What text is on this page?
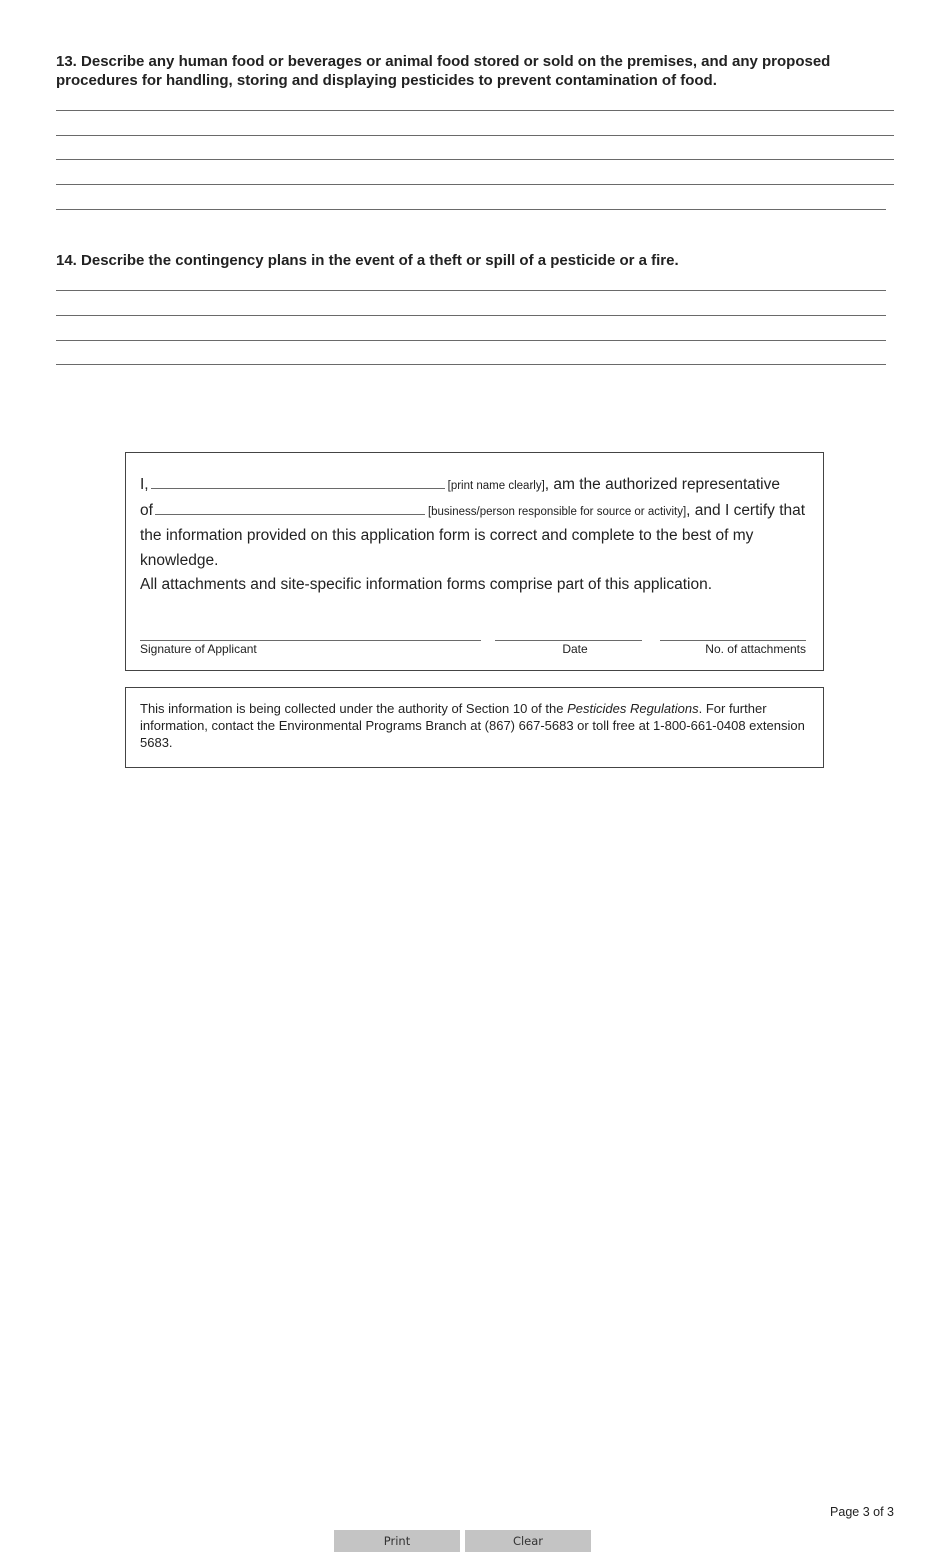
13. Describe any human food or beverages or animal food stored or sold on the premises, and any proposed procedures for handling, storing and displaying pesticides to prevent contamination of food.
14. Describe the contingency plans in the event of a theft or spill of a pesticide or a fire.
I,	[print name clearly], am the authorized representative
of	[business/person responsible for source or activity], and I certify that the information provided on this application form is correct and complete to the best of my knowledge.
All attachments and site-specific information forms comprise part of this application.
Signature of Applicant	Date	No. of attachments
This information is being collected under the authority of Section 10 of the Pesticides Regulations. For further information, contact the Environmental Programs Branch at (867) 667-5683 or toll free at 1-800-661-0408 extension 5683.
Page 3 of 3
Print	Clear
